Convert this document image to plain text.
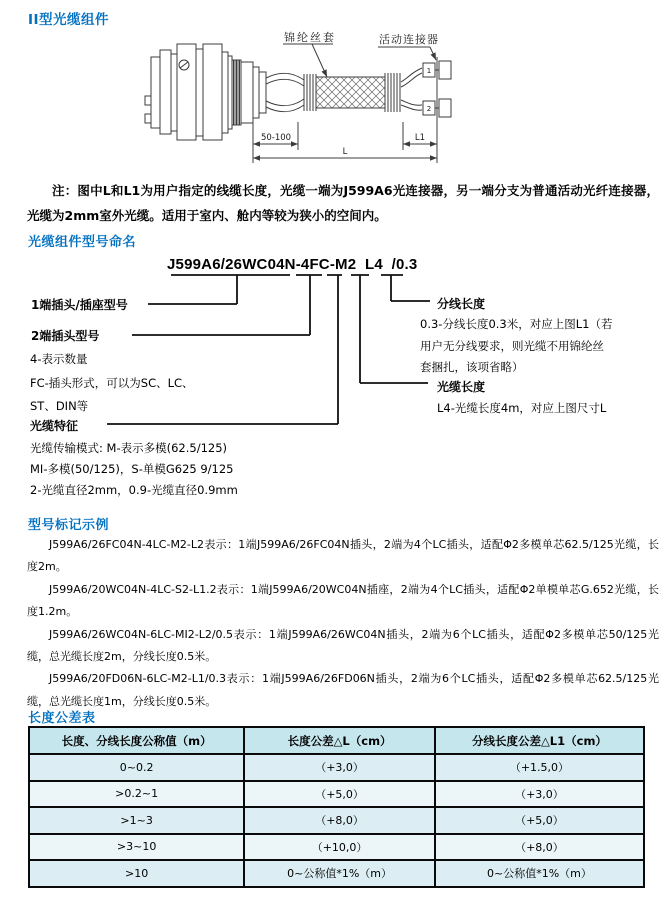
II型光缆组件
锦纶丝套	活动连接器
1
2
50-100	L1
L
注：图中L和L1为用户指定的线缆长度，光缆一端为J599A6光连接器，另一端分支为普通活动光纤连接器，光缆为2mm室外光缆。适用于室内、舱内等较为狭小的空间内。
光缆组件型号命名
J599A6/26WC04N-4FC-M2  L4  /0.3
1端插头/插座型号
2端插头型号
4-表示数量
FC-插头形式，可以为SC、LC、
ST、DIN等
光缆特征
光缆传输模式: M-表示多模(62.5/125)
MI-多模(50/125)，S-单模G625 9/125
2-光缆直径2mm，0.9-光缆直径0.9mm
分线长度
0.3-分线长度0.3米，对应上图L1（若
用户无分线要求，则光缆不用锦纶丝
套捆扎，该项省略）
光缆长度
L4-光缆长度4m，对应上图尺寸L
型号标记示例

J599A6/26FC04N-4LC-M2-L2表示：1端J599A6/26FC04N插头，2端为4个LC插头，适配Φ2多模单芯62.5/125光缆，长度2m。

J599A6/20WC04N-4LC-S2-L1.2表示：1端J599A6/20WC04N插座，2端为4个LC插头，适配Φ2单模单芯G.652光缆，长度1.2m。

J599A6/26WC04N-6LC-MI2-L2/0.5表示：1端J599A6/26WC04N插头，2端为6个LC插头，适配Φ2多模单芯50/125光缆，总光缆长度2m，分线长度0.5米。

J599A6/20FD06N-6LC-M2-L1/0.3表示：1端J599A6/26FD06N插头，2端为6个LC插头，适配Φ2多模单芯62.5/125光缆，总光缆长度1m，分线长度0.5米。

长度公差表
长度、分线长度公称值（m）	长度公差△L（cm）	分线长度公差△L1（cm）
0~0.2	（+3,0）	（+1.5,0）
>0.2~1	（+5,0）	（+3,0）
>1~3	（+8,0）	（+5,0）
>3~10	（+10,0）	（+8,0）
>10	0~公称值*1%（m）	0~公称值*1%（m）
